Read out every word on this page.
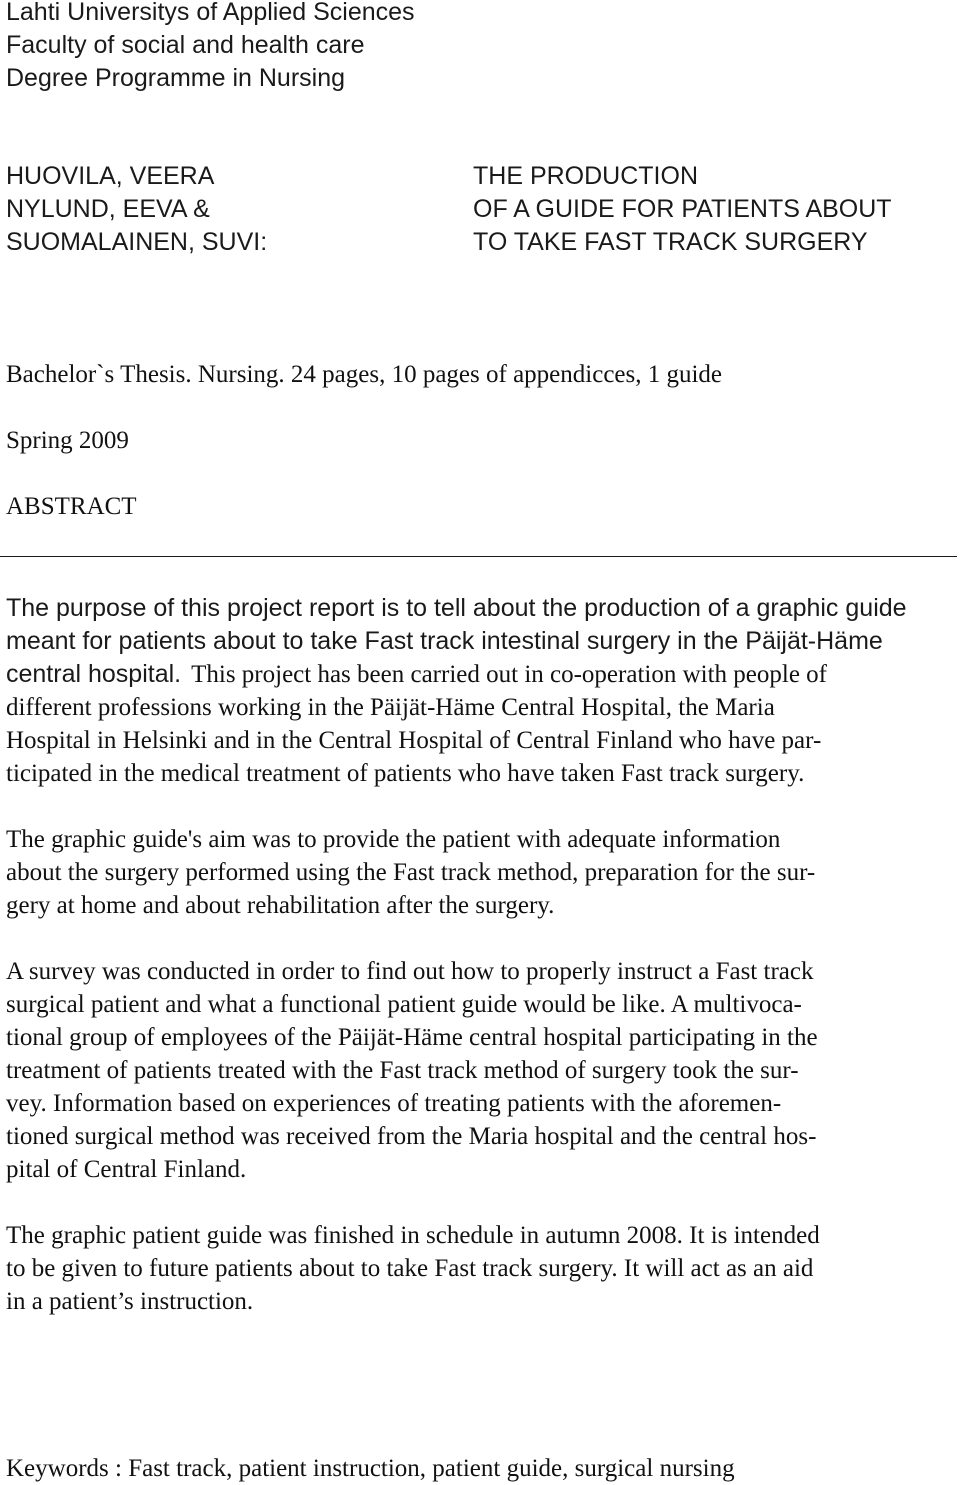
Lahti Universitys of Applied Sciences
Faculty of social and health care
Degree Programme in Nursing
HUOVILA, VEERA
NYLUND, EEVA &
SUOMALAINEN, SUVI:
THE PRODUCTION
OF A GUIDE FOR PATIENTS ABOUT
TO TAKE FAST TRACK SURGERY
Bachelor`s Thesis. Nursing. 24 pages, 10 pages of appendicces, 1 guide
Spring 2009
ABSTRACT
The purpose of this project report is to tell about the production of a graphic guide
meant for patients about to take Fast track intestinal surgery in the Päijät-Häme
central hospital. This project has been carried out in co-operation with people of
different professions working in the Päijät-Häme Central Hospital, the Maria
Hospital in Helsinki and in the Central Hospital of Central Finland who have par-
ticipated in the medical treatment of patients who have taken Fast track surgery.
The graphic guide's aim was to provide the patient with adequate information
about the surgery performed using the Fast track method, preparation for the sur-
gery at home and about rehabilitation after the surgery.
A survey was conducted in order to find out how to properly instruct a Fast track
surgical patient and what a functional patient guide would be like. A multivoca-
tional group of employees of the Päijät-Häme central hospital participating in the
treatment of patients treated with the Fast track method of surgery took the sur-
vey. Information based on experiences of treating patients with the aforemen-
tioned surgical method was received from the Maria hospital and the central hos-
pital of Central Finland.
The graphic patient guide was finished in schedule in autumn 2008. It is intended
to be given to future patients about to take Fast track surgery. It will act as an aid
in a patient’s instruction.
Keywords : Fast track, patient instruction, patient guide, surgical nursing
